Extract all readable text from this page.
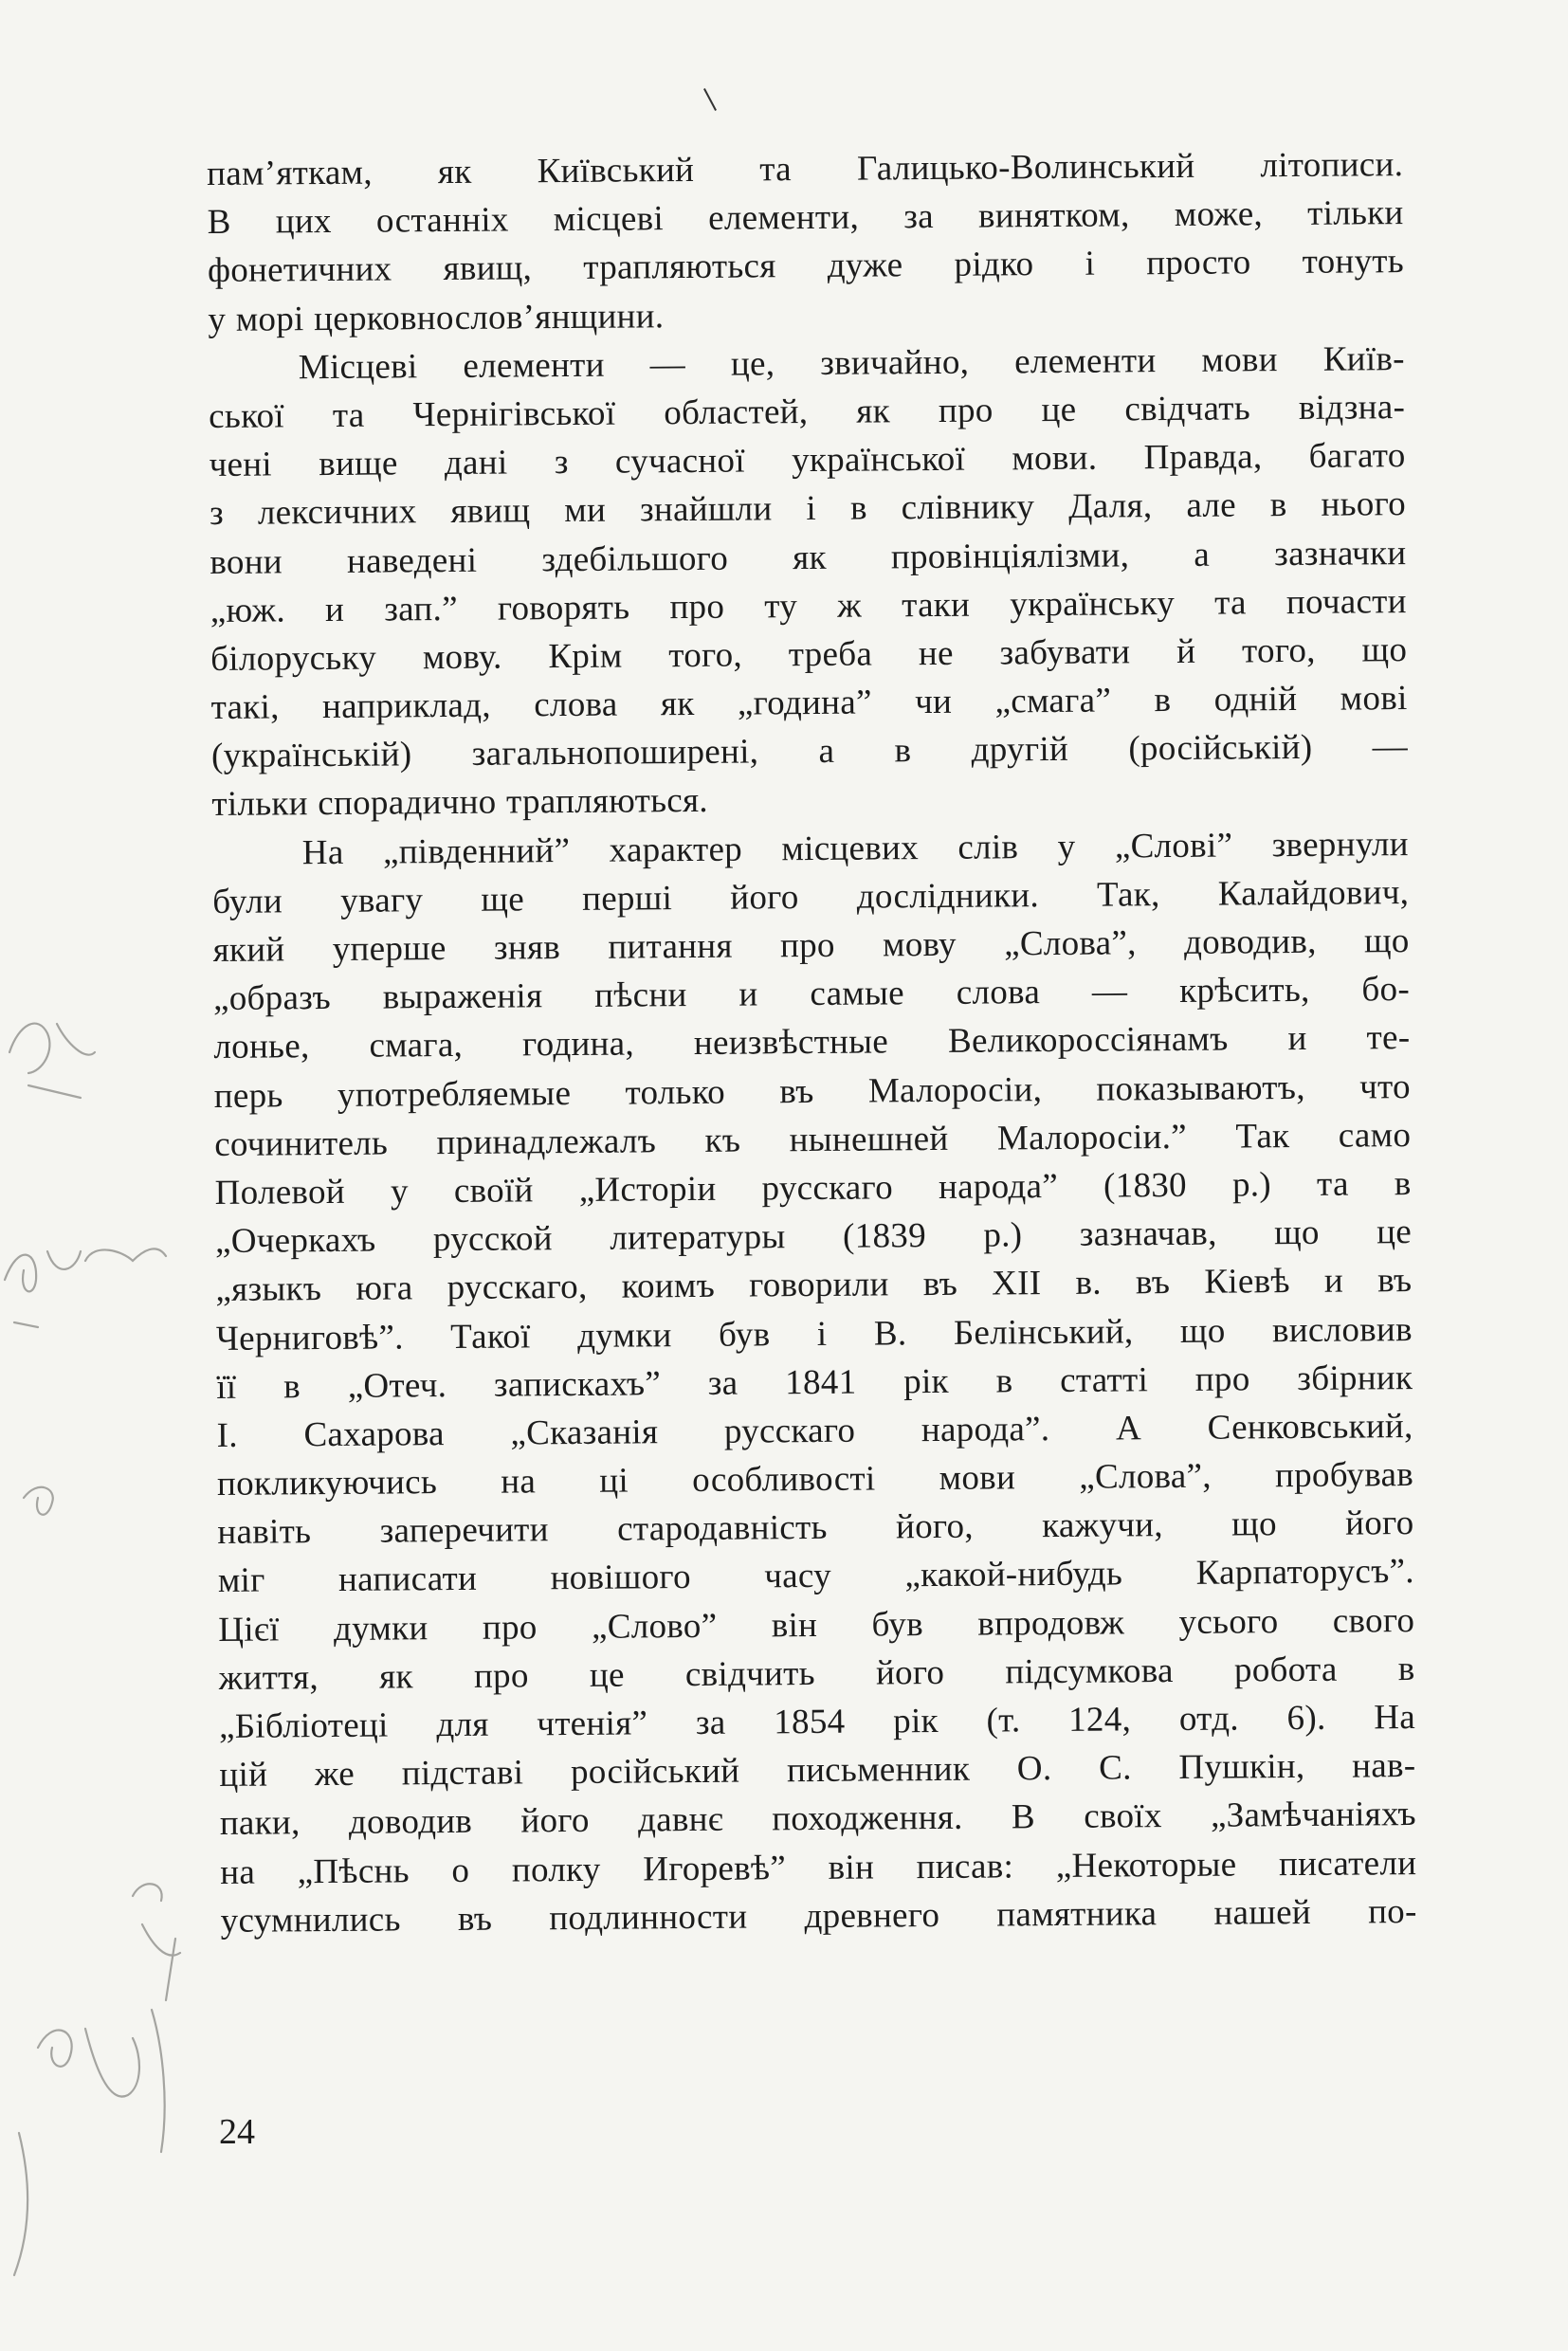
пам’яткам, як Київський та Галицько-Волинський літописи.
В цих останніх місцеві елементи, за винятком, може, тільки
фонетичних явищ, трапляються дуже рідко і просто тонуть
у морі церковнослов’янщини.
Місцеві елементи — це, звичайно, елементи мови Київ-
ської та Чернігівської областей, як про це свідчать відзна-
чені вище дані з сучасної української мови. Правда, багато
з лексичних явищ ми знайшли і в слівнику Даля, але в нього
вони наведені здебільшого як провінціялізми, а зазначки
„юж. и зап.” говорять про ту ж таки українську та почасти
білоруську мову. Крім того, треба не забувати й того, що
такі, наприклад, слова як „година” чи „смага” в одній мові
(українській) загальнопоширені, а в другій (російській) —
тільки спорадично трапляються.
На „південний” характер місцевих слів у „Слові” звернули
були увагу ще перші його дослідники. Так, Калайдович,
який уперше зняв питання про мову „Слова”, доводив, що
„образъ выраженія пѣсни и самые слова — крѣсить, бо-
лонье, смага, година, неизвѣстные Великороссіянамъ и те-
перь употребляемые только въ Малоросіи, показываютъ, что
сочинитель принадлежалъ къ нынешней Малоросіи.” Так само
Полевой у своїй „Исторіи русскаго народа” (1830 р.) та в
„Очеркахъ русской литературы (1839 р.) зазначав, що це
„языкъ юга русскаго, коимъ говорили въ XII в. въ Кіевѣ и въ
Черниговѣ”. Такої думки був і В. Белінський, що висловив
її в „Отеч. запискахъ” за 1841 рік в статті про збірник
І. Сахарова „Сказанія русскаго народа”. А Сенковський,
покликуючись на ці особливості мови „Слова”, пробував
навіть заперечити стародавність його, кажучи, що його
міг написати новішого часу „какой-нибудь Карпаторусъ”.
Цієї думки про „Слово” він був впродовж усього свого
життя, як про це свідчить його підсумкова робота в
„Бібліотеці для чтенія” за 1854 рік (т. 124, отд. 6). На
цій же підставі російський письменник О. С. Пушкін, нав-
паки, доводив його давнє походження. В своїх „Замѣчаніяхъ
на „Пѣснь о полку Игоревѣ” він писав: „Некоторые писатели
усумнились въ подлинности древнего памятника нашей по-
24
